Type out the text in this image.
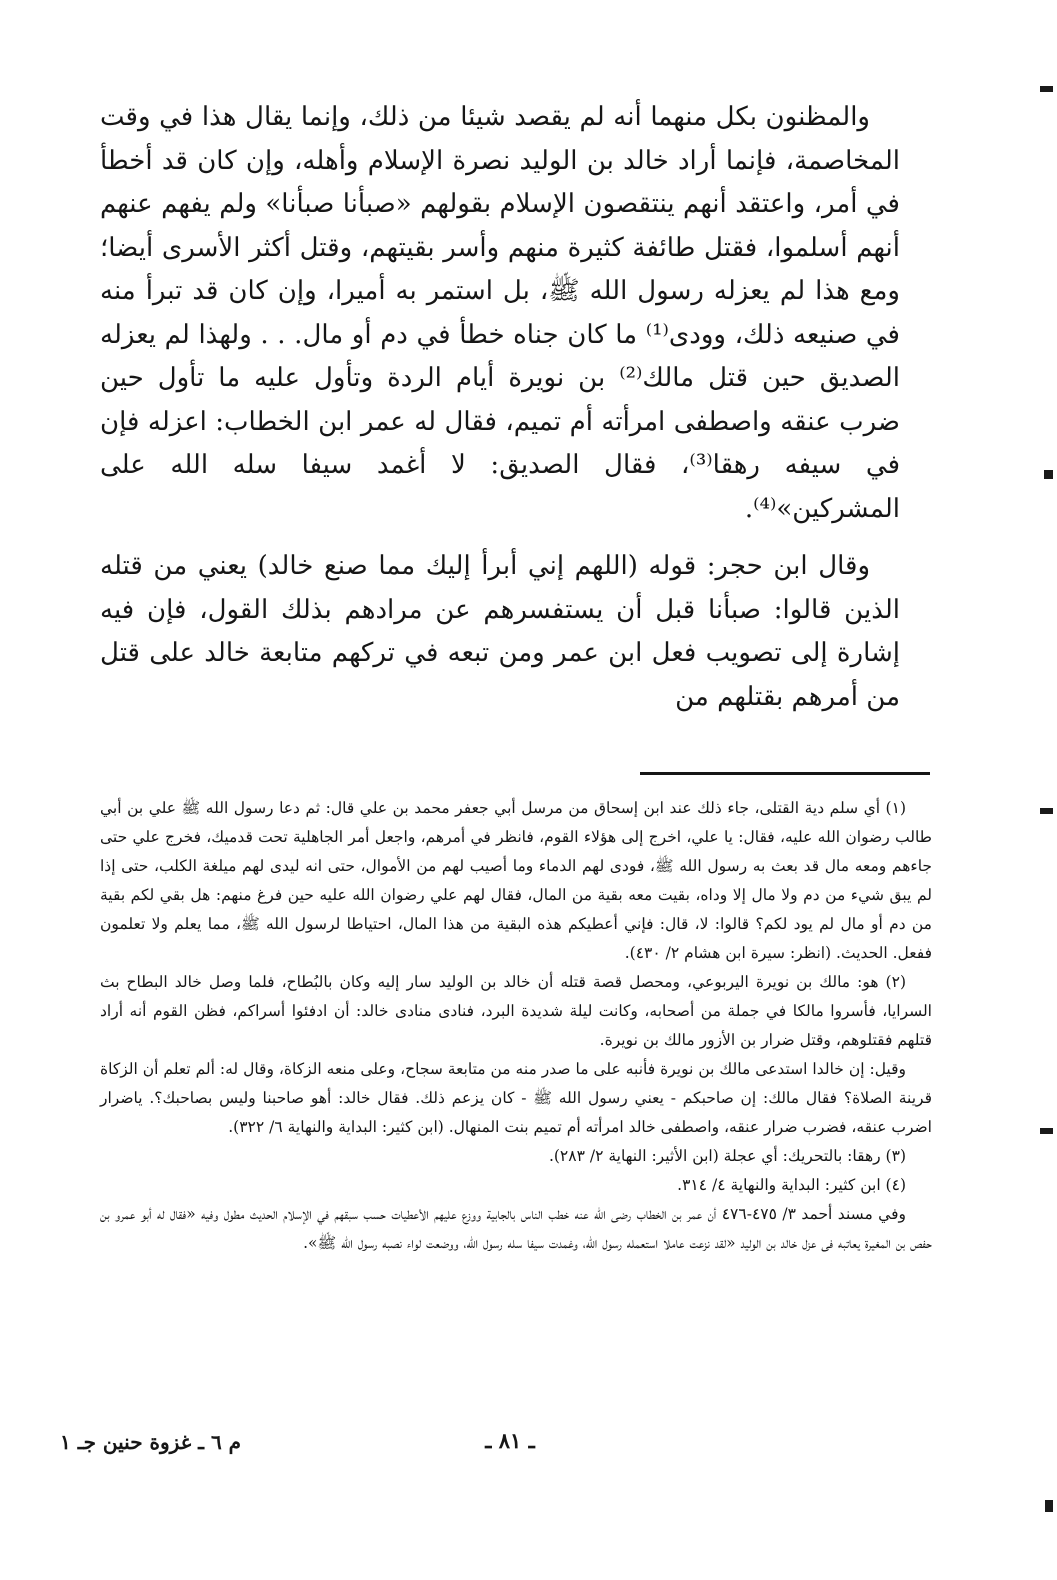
والمظنون بكل منهما أنه لم يقصد شيئا من ذلك، وإنما يقال هذا في وقت المخاصمة، فإنما أراد خالد بن الوليد نصرة الإسلام وأهله، وإن كان قد أخطأ في أمر، واعتقد أنهم ينتقصون الإسلام بقولهم «صبأنا صبأنا» ولم يفهم عنهم أنهم أسلموا، فقتل طائفة كثيرة منهم وأسر بقيتهم، وقتل أكثر الأسرى أيضا؛ ومع هذا لم يعزله رسول الله ﷺ، بل استمر به أميرا، وإن كان قد تبرأ منه في صنيعه ذلك، وودى⁽¹⁾ ما كان جناه خطأ في دم أو مال. . . ولهذا لم يعزله الصديق حين قتل مالك⁽²⁾ بن نويرة أيام الردة وتأول عليه ما تأول حين ضرب عنقه واصطفى امرأته أم تميم، فقال له عمر ابن الخطاب: اعزله فإن في سيفه رهقا⁽³⁾، فقال الصديق: لا أغمد سيفا سله الله على المشركين»⁽⁴⁾.

وقال ابن حجر: قوله (اللهم إني أبرأ إليك مما صنع خالد) يعني من قتله الذين قالوا: صبأنا قبل أن يستفسرهم عن مرادهم بذلك القول، فإن فيه إشارة إلى تصويب فعل ابن عمر ومن تبعه في تركهم متابعة خالد على قتل من أمرهم بقتلهم من

(١) أي سلم دية القتلى، جاء ذلك عند ابن إسحاق من مرسل أبي جعفر محمد بن علي قال: ثم دعا رسول الله ﷺ علي بن أبي طالب رضوان الله عليه، فقال: يا علي، اخرج إلى هؤلاء القوم، فانظر في أمرهم، واجعل أمر الجاهلية تحت قدميك، فخرج علي حتى جاءهم ومعه مال قد بعث به رسول الله ﷺ، فودى لهم الدماء وما أصيب لهم من الأموال، حتى انه ليدى لهم ميلغة الكلب، حتى إذا لم يبق شيء من دم ولا مال إلا وداه، بقيت معه بقية من المال، فقال لهم علي رضوان الله عليه حين فرغ منهم: هل بقي لكم بقية من دم أو مال لم يود لكم؟ قالوا: لا، قال: فإني أعطيكم هذه البقية من هذا المال، احتياطا لرسول الله ﷺ، مما يعلم ولا تعلمون ففعل. الحديث. (انظر: سيرة ابن هشام ٢/ ٤٣٠).

(٢) هو: مالك بن نويرة اليربوعي، ومحصل قصة قتله أن خالد بن الوليد سار إليه وكان بالبُطاح، فلما وصل خالد البطاح بث السرايا، فأسروا مالكا في جملة من أصحابه، وكانت ليلة شديدة البرد، فنادى منادى خالد: أن ادفئوا أسراكم، فظن القوم أنه أراد قتلهم فقتلوهم، وقتل ضرار بن الأزور مالك بن نويرة.

وقيل: إن خالدا استدعى مالك بن نويرة فأنبه على ما صدر منه من متابعة سجاح، وعلى منعه الزكاة، وقال له: ألم تعلم أن الزكاة قرينة الصلاة؟ فقال مالك: إن صاحبكم - يعني رسول الله ﷺ - كان يزعم ذلك. فقال خالد: أهو صاحبنا وليس بصاحبك؟. ياضرار اضرب عنقه، فضرب ضرار عنقه، واصطفى خالد امرأته أم تميم بنت المنهال. (ابن كثير: البداية والنهاية ٦/ ٣٢٢).

(٣) رهقا: بالتحريك: أي عجلة (ابن الأثير: النهاية ٢/ ٢٨٣).

(٤) ابن كثير: البداية والنهاية ٤/ ٣١٤.

وفي مسند أحمد ٣/ ٤٧٥-٤٧٦ أن عمر بن الخطاب رضى الله عنه خطب الناس بالجابية ووزع عليهم الأعطيات حسب سبقهم في الإسلام الحديث مطول وفيه «فقال له أبو عمرو بن حفص بن المغيرة يعاتبه فى عزل خالد بن الوليد «لقد نزعت عاملا استعمله رسول الله، وغمدت سيفا سله رسول الله، ووضعت لواء نصبه رسول الله ﷺ».

ـ ٨١ ـ
م ٦ ـ غزوة حنين جـ ١
